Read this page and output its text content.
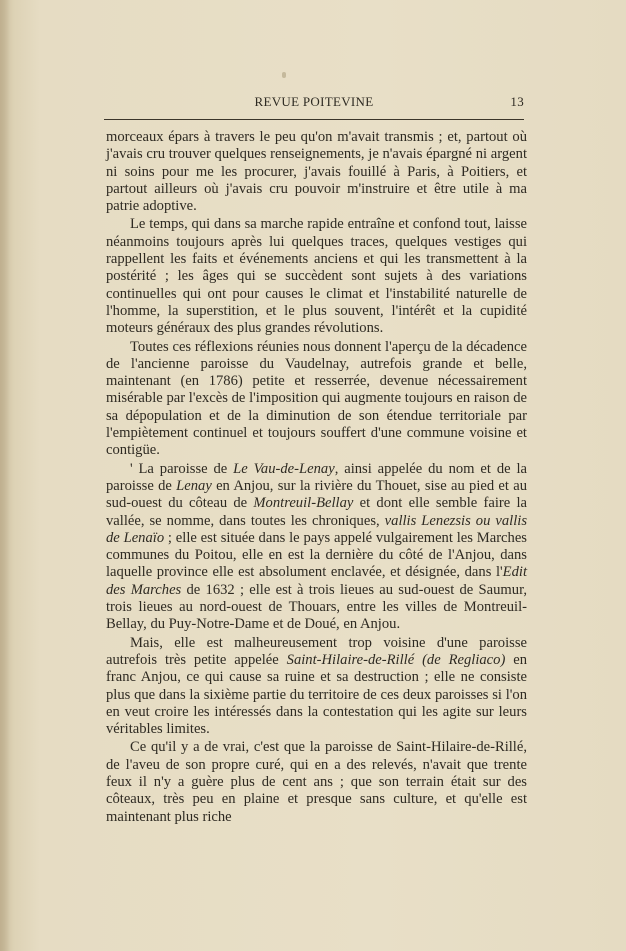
REVUE POITEVINE	13

morceaux épars à travers le peu qu'on m'avait transmis ; et, partout où j'avais cru trouver quelques renseignements, je n'avais épargné ni argent ni soins pour me les procurer, j'avais fouillé à Paris, à Poitiers, et partout ailleurs où j'avais cru pouvoir m'instruire et être utile à ma patrie adoptive.

Le temps, qui dans sa marche rapide entraîne et confond tout, laisse néanmoins toujours après lui quelques traces, quelques vestiges qui rappellent les faits et événements anciens et qui les transmettent à la postérité ; les âges qui se succèdent sont sujets à des variations continuelles qui ont pour causes le climat et l'instabilité naturelle de l'homme, la superstition, et le plus souvent, l'intérêt et la cupidité moteurs généraux des plus grandes révolutions.

Toutes ces réflexions réunies nous donnent l'aperçu de la décadence de l'ancienne paroisse du Vaudelnay, autrefois grande et belle, maintenant (en 1786) petite et resserrée, devenue nécessairement misérable par l'excès de l'imposition qui augmente toujours en raison de sa dépopulation et de la diminution de son étendue territoriale par l'empiètement continuel et toujours souffert d'une commune voisine et contigüe.

' La paroisse de Le Vau-de-Lenay, ainsi appelée du nom et de la paroisse de Lenay en Anjou, sur la rivière du Thouet, sise au pied et au sud-ouest du côteau de Montreuil-Bellay et dont elle semble faire la vallée, se nomme, dans toutes les chroniques, vallis Lenezsis ou vallis de Lenaïo ; elle est située dans le pays appelé vulgairement les Marches communes du Poitou, elle en est la dernière du côté de l'Anjou, dans laquelle province elle est absolument enclavée, et désignée, dans l'Edit des Marches de 1632 ; elle est à trois lieues au sud-ouest de Saumur, trois lieues au nord-ouest de Thouars, entre les villes de Montreuil-Bellay, du Puy-Notre-Dame et de Doué, en Anjou.

Mais, elle est malheureusement trop voisine d'une paroisse autrefois très petite appelée Saint-Hilaire-de-Rillé (de Regliaco) en franc Anjou, ce qui cause sa ruine et sa destruction ; elle ne consiste plus que dans la sixième partie du territoire de ces deux paroisses si l'on en veut croire les intéressés dans la contestation qui les agite sur leurs véritables limites.

Ce qu'il y a de vrai, c'est que la paroisse de Saint-Hilaire-de-Rillé, de l'aveu de son propre curé, qui en a des relevés, n'avait que trente feux il n'y a guère plus de cent ans ; que son terrain était sur des côteaux, très peu en plaine et presque sans culture, et qu'elle est maintenant plus riche
